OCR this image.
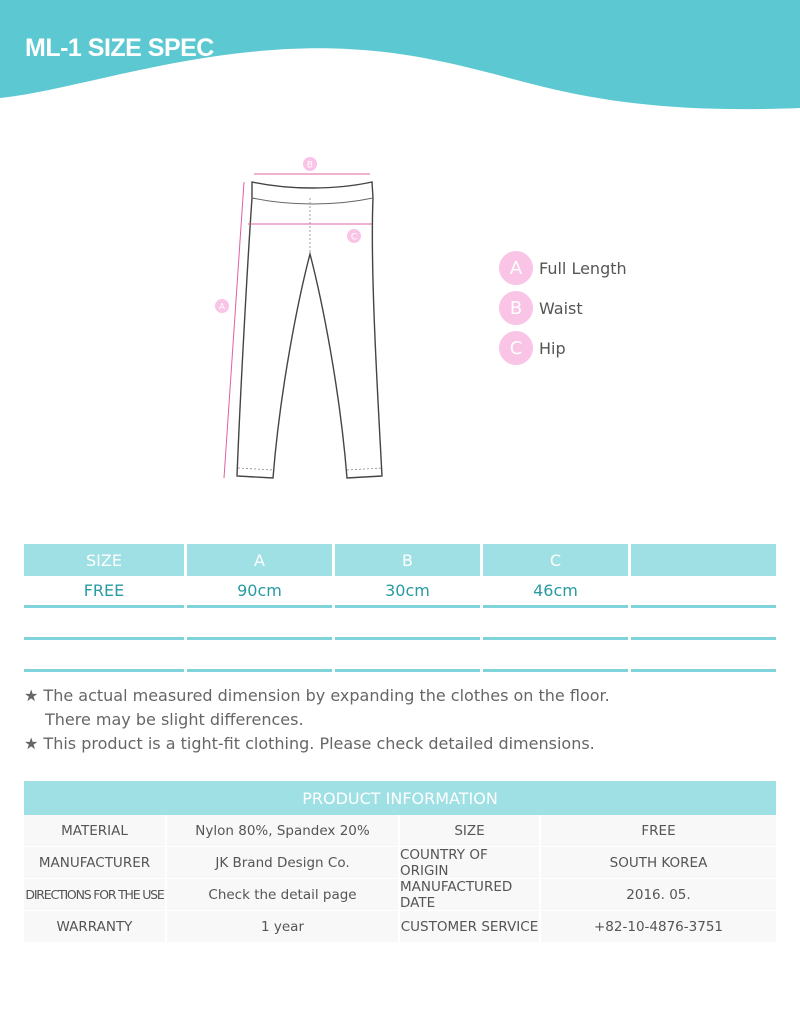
ML-1 SIZE SPEC
B
C
A
A	Full Length
B	Waist
C	Hip
SIZE	A	B	C
FREE	90cm	30cm	46cm
★ The actual measured dimension by expanding the clothes on the floor.
There may be slight differences.
★ This product is a tight-fit clothing. Please check detailed dimensions.
PRODUCT INFORMATION
MATERIAL	Nylon 80%, Spandex 20%	SIZE	FREE
MANUFACTURER	JK Brand Design Co.	COUNTRY OF ORIGIN	SOUTH KOREA
DIRECTIONS FOR THE USE	Check the detail page	MANUFACTURED DATE	2016. 05.
WARRANTY	1 year	CUSTOMER SERVICE	+82-10-4876-3751
